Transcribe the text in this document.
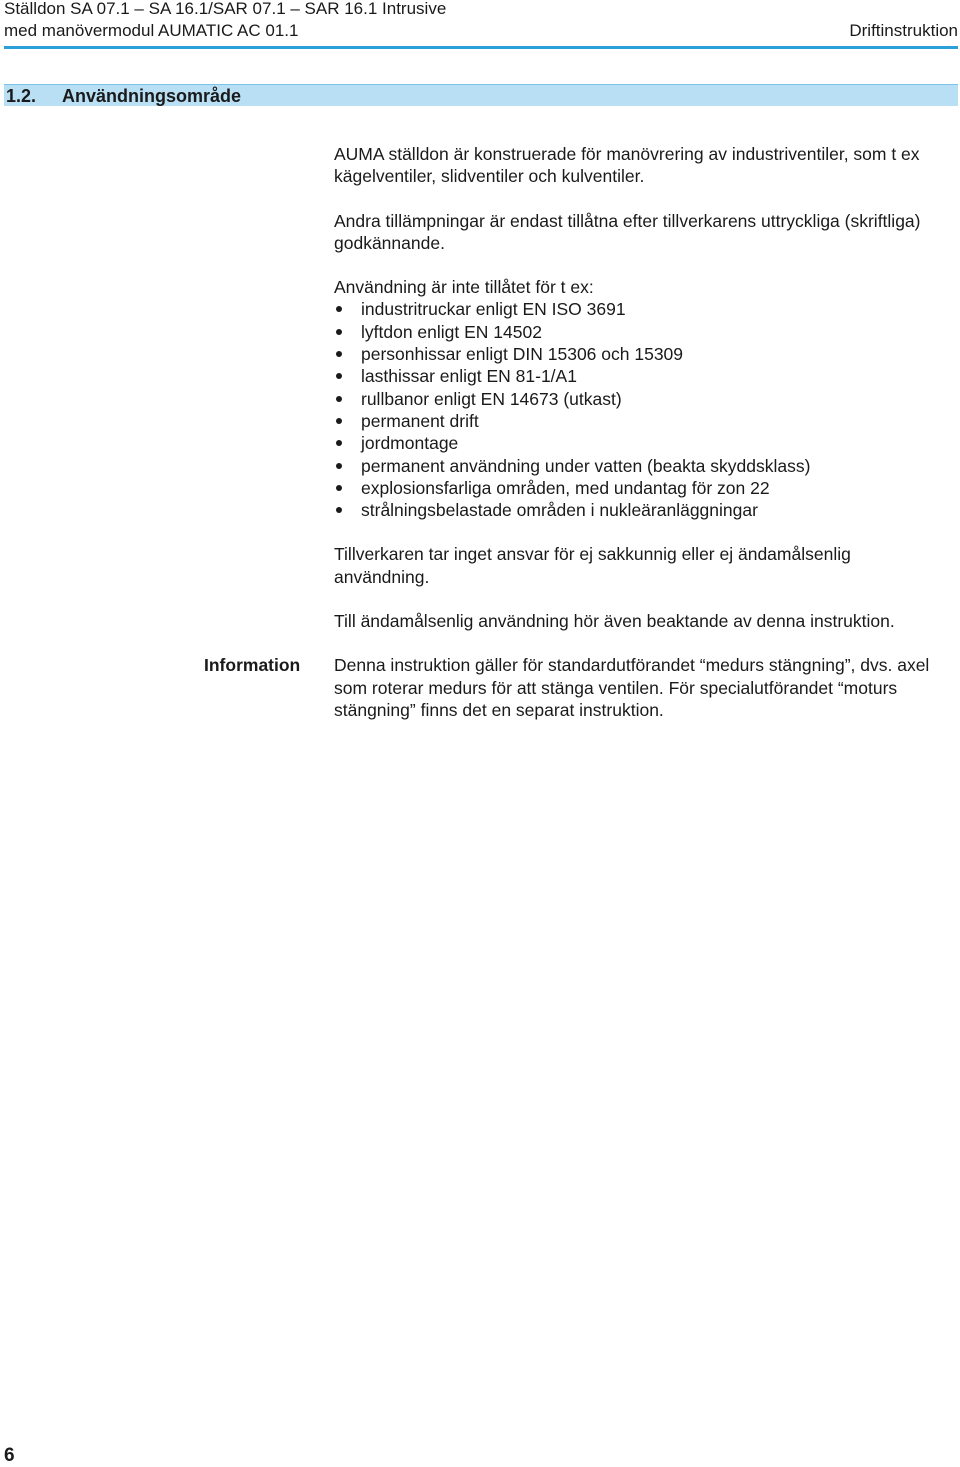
Ställdon SA 07.1 – SA 16.1/SAR 07.1 – SAR 16.1 Intrusive
med manövermodul AUMATIC AC 01.1	Driftinstruktion
1.2. Användningsområde

AUMA ställdon är konstruerade för manövrering av industriventiler, som t ex kägelventiler, slidventiler och kulventiler.

Andra tillämpningar är endast tillåtna efter tillverkarens uttryckliga (skriftliga) godkännande.

Användning är inte tillåtet för t ex:
industritruckar enligt EN ISO 3691
lyftdon enligt EN 14502
personhissar enligt DIN 15306 och 15309
lasthissar enligt EN 81-1/A1
rullbanor enligt EN 14673 (utkast)
permanent drift
jordmontage
permanent användning under vatten (beakta skyddsklass)
explosionsfarliga områden, med undantag för zon 22
strålningsbelastade områden i nukleäranläggningar

Tillverkaren tar inget ansvar för ej sakkunnig eller ej ändamålsenlig användning.

Till ändamålsenlig användning hör även beaktande av denna instruktion.

Denna instruktion gäller för standardutförandet “medurs stängning”, dvs. axel som roterar medurs för att stänga ventilen. För specialutförandet “moturs stängning” finns det en separat instruktion.

Information
6
